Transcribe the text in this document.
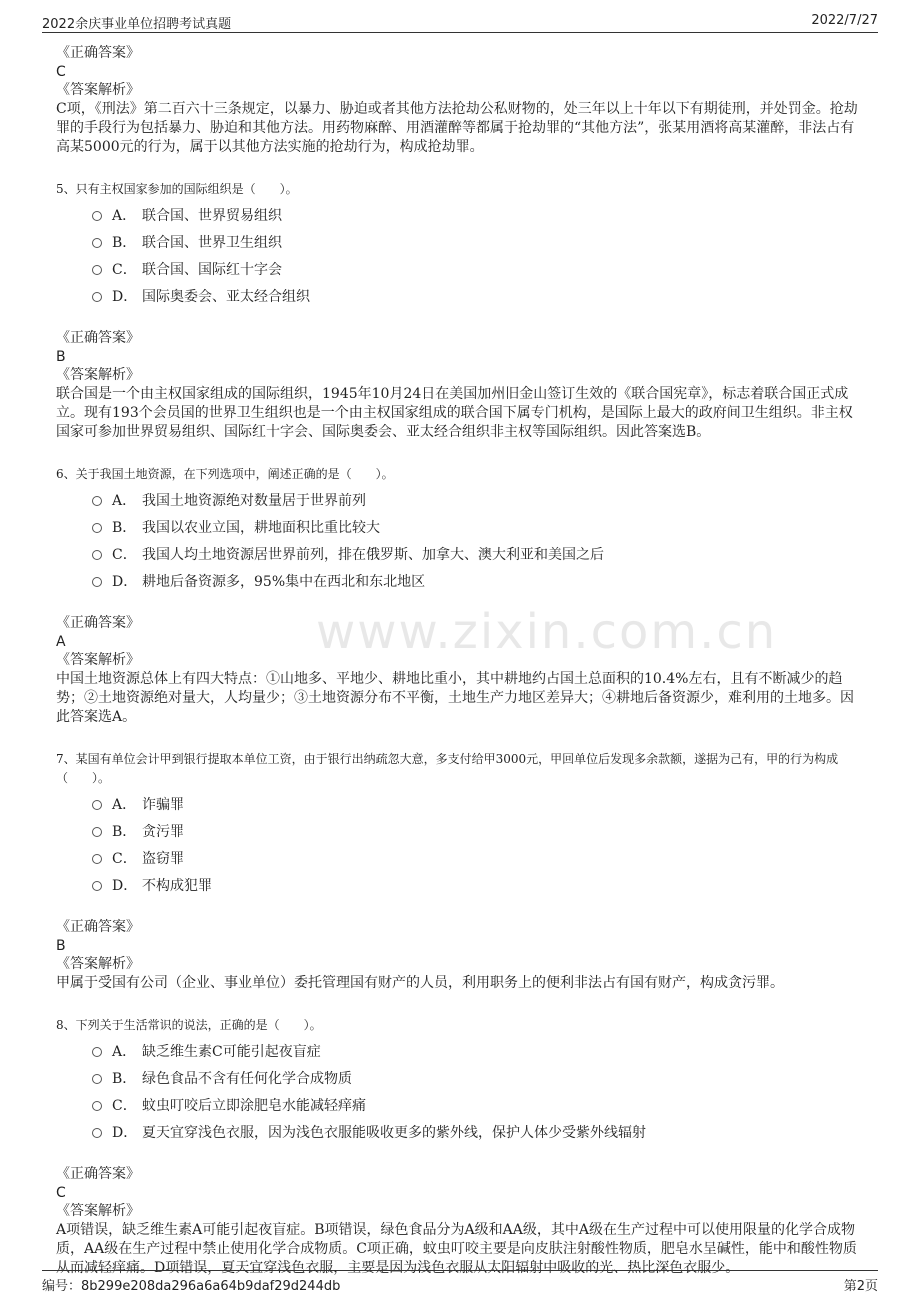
2022余庆事业单位招聘考试真题	2022/7/27
www.zixin.com.cn

《正确答案》

C

《答案解析》

C项，《刑法》第二百六十三条规定，以暴力、胁迫或者其他方法抢劫公私财物的，处三年以上十年以下有期徒刑，并处罚金。抢劫罪的手段行为包括暴力、胁迫和其他方法。用药物麻醉、用酒灌醉等都属于抢劫罪的“其他方法”，张某用酒将高某灌醉，非法占有高某5000元的行为，属于以其他方法实施的抢劫行为，构成抢劫罪。

5、只有主权国家参加的国际组织是（　　）。

A． 联合国、世界贸易组织
B． 联合国、世界卫生组织
C． 联合国、国际红十字会
D． 国际奥委会、亚太经合组织

《正确答案》

B

《答案解析》

联合国是一个由主权国家组成的国际组织，1945年10月24日在美国加州旧金山签订生效的《联合国宪章》，标志着联合国正式成立。现有193个会员国的世界卫生组织也是一个由主权国家组成的联合国下属专门机构，是国际上最大的政府间卫生组织。非主权国家可参加世界贸易组织、国际红十字会、国际奥委会、亚太经合组织非主权等国际组织。因此答案选B。

6、关于我国土地资源，在下列选项中，阐述正确的是（　　）。

A． 我国土地资源绝对数量居于世界前列
B． 我国以农业立国，耕地面积比重比较大
C． 我国人均土地资源居世界前列，排在俄罗斯、加拿大、澳大利亚和美国之后
D． 耕地后备资源多，95%集中在西北和东北地区

《正确答案》

A

《答案解析》

中国土地资源总体上有四大特点：①山地多、平地少、耕地比重小，其中耕地约占国土总面积的10.4%左右，且有不断减少的趋势；②土地资源绝对量大，人均量少；③土地资源分布不平衡，土地生产力地区差异大；④耕地后备资源少，难利用的土地多。因此答案选A。

7、某国有单位会计甲到银行提取本单位工资，由于银行出纳疏忽大意，多支付给甲3000元，甲回单位后发现多余款额，遂据为己有，甲的行为构成（　　）。

A． 诈骗罪
B． 贪污罪
C． 盗窃罪
D． 不构成犯罪

《正确答案》

B

《答案解析》

甲属于受国有公司（企业、事业单位）委托管理国有财产的人员，利用职务上的便利非法占有国有财产，构成贪污罪。

8、下列关于生活常识的说法，正确的是（　　）。

A． 缺乏维生素C可能引起夜盲症
B． 绿色食品不含有任何化学合成物质
C． 蚊虫叮咬后立即涂肥皂水能减轻痒痛
D． 夏天宜穿浅色衣服，因为浅色衣服能吸收更多的紫外线，保护人体少受紫外线辐射

《正确答案》

C

《答案解析》

A项错误，缺乏维生素A可能引起夜盲症。B项错误，绿色食品分为A级和AA级，其中A级在生产过程中可以使用限量的化学合成物质，AA级在生产过程中禁止使用化学合成物质。C项正确，蚊虫叮咬主要是向皮肤注射酸性物质，肥皂水呈碱性，能中和酸性物质从而减轻痒痛。D项错误，夏天宜穿浅色衣服，主要是因为浅色衣服从太阳辐射中吸收的光、热比深色衣服少。

编号：8b299e208da296a6a64b9daf29d244db	第2页
